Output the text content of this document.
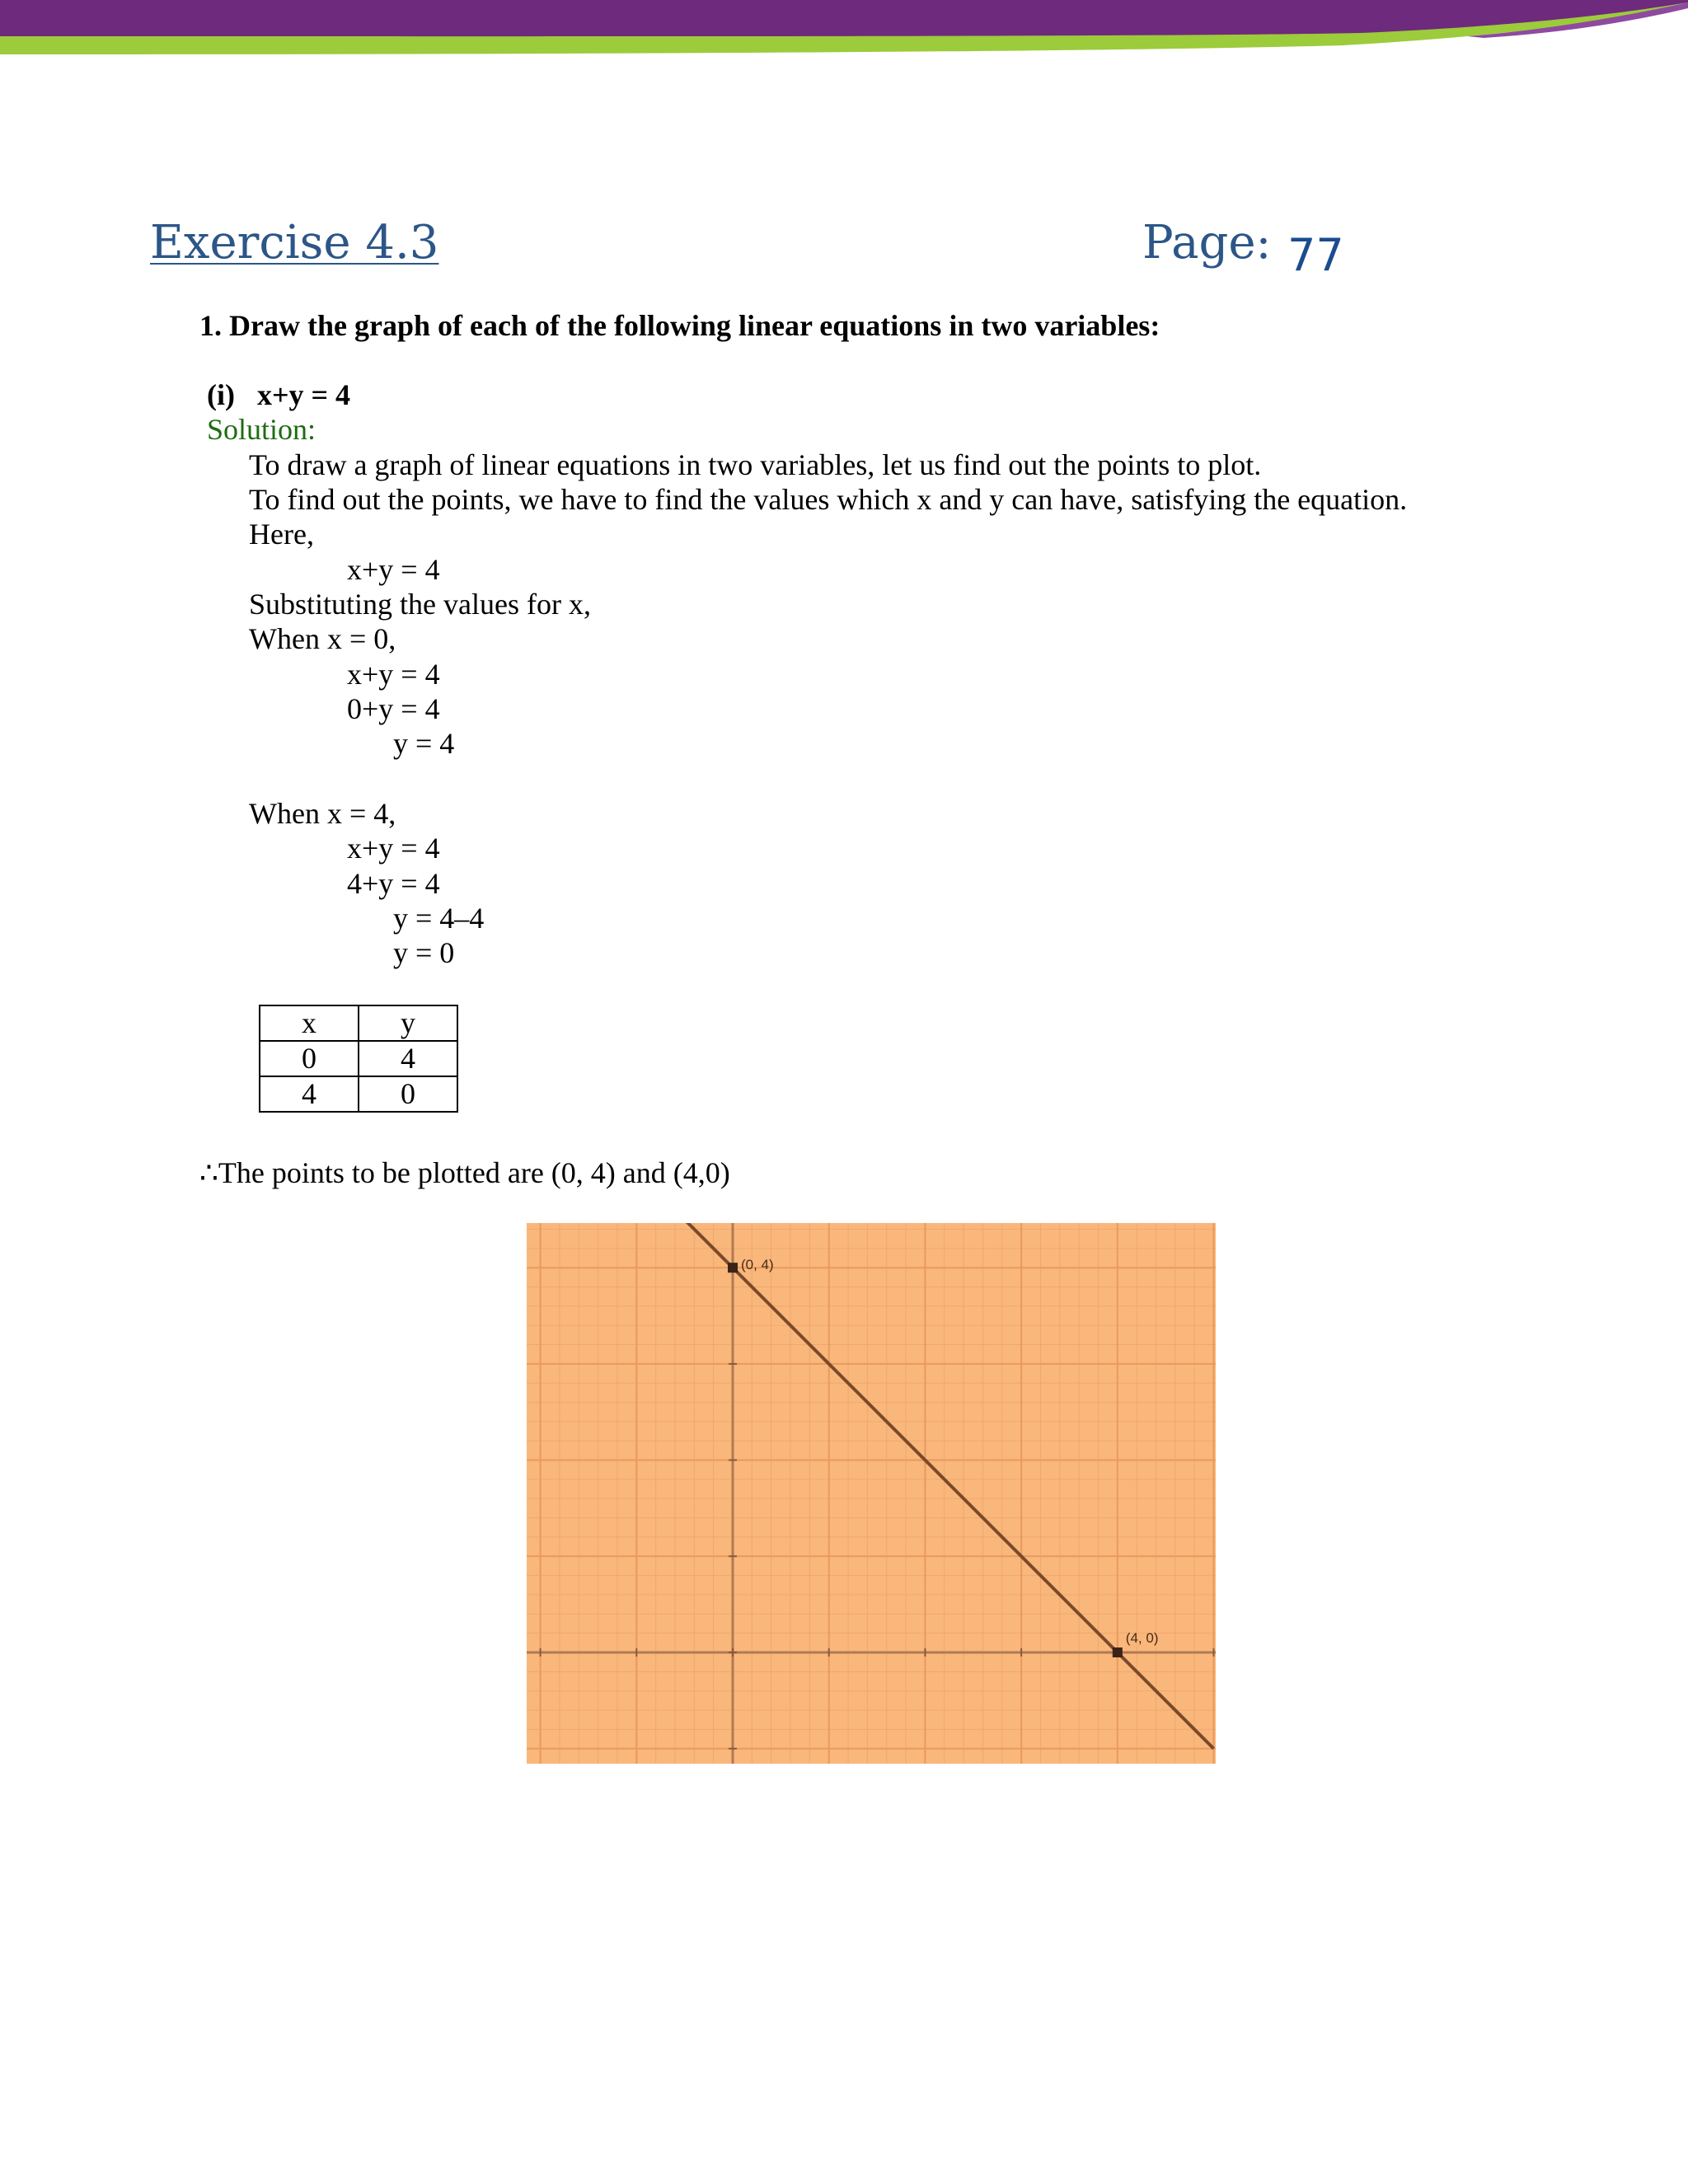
Exercise 4.3	Page: 77
1. Draw the graph of each of the following linear equations in two variables:
(i) x+y = 4
Solution:
To draw a graph of linear equations in two variables, let us find out the points to plot.
To find out the points, we have to find the values which x and y can have, satisfying the equation.
Here,
x+y = 4
Substituting the values for x,
When x = 0,
x+y = 4
0+y = 4
y = 4
When x = 4,
x+y = 4
4+y = 4
y = 4–4
y = 0
x	y
0	4
4	0
∴The points to be plotted are (0, 4) and (4,0)
(0, 4)
(4, 0)
